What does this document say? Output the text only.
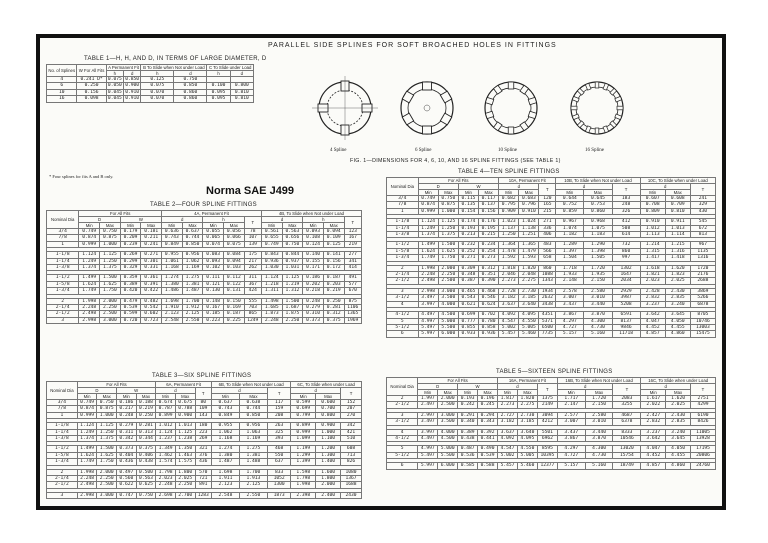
PARALLEL SIDE SPLINES FOR SOFT BROACHED HOLES IN FITTINGS
TABLE 1—H, H, AND D, IN TERMS OF LARGE DIAMETER, D
No. of Splines	W For All Fits	A Permanent Fit		B To Slide when Not under Load		C To Slide under Load	
		h	d	h	d	h	d
4	0.241 D*	0.075	0.850	0.125	0.750		
6	0.250	0.050	0.900	0.075	0.850	0.100	0.800
10	0.156	0.045	0.910	0.070	0.860	0.095	0.810
16	0.098	0.045	0.910	0.070	0.860	0.095	0.810
* Four splines for fits A and B only.
Norma SAE J499
4 Spline	6 Spline	10 Spline	16 Spline
FIG. 1—DIMENSIONS FOR 4, 6, 10, AND 16 SPLINE FITTINGS (SEE TABLE 1)
TABLE 2—FOUR SPLINE FITTINGS
Nominal Dia	For All Fits				4A, Permanent Fit					4B, To Slide when Not under Load				
	D		W		d		h		T	d		h		T
	Min	Max	Min	Max	Min	Max	Min	Max		Min	Max	Min	Max	
3/4	0.749	0.750	0.179	0.181	0.636	0.637	0.055	0.056	78	0.561	0.563	0.093	0.094	123
7/8	0.874	0.875	0.209	0.211	0.743	0.744	0.065	0.066	107	0.655	0.656	0.108	0.109	167
1	0.999	1.000	0.239	0.241	0.849	0.850	0.074	0.075	139	0.749	0.750	0.124	0.125	219

1-1/8	1.124	1.125	0.269	0.271	0.955	0.956	0.083	0.084	175	0.843	0.844	0.140	0.141	277
1-1/4	1.249	1.250	0.299	0.301	1.061	1.062	0.093	0.094	217	0.936	0.937	0.155	0.156	341
1-3/8	1.374	1.375	0.329	0.331	1.168	1.169	0.102	0.103	262	1.030	1.031	0.171	0.172	414

1-1/2	1.499	1.500	0.359	0.361	1.274	1.275	0.111	0.112	311	1.124	1.125	0.186	0.187	491
1-5/8	1.624	1.625	0.389	0.391	1.380	1.381	0.121	0.122	367	1.218	1.219	0.202	0.203	577
1-3/4	1.749	1.750	0.420	0.422	1.486	1.487	0.130	0.131	424	1.311	1.312	0.218	0.219	670

2	1.998	2.000	0.479	0.482	1.698	1.700	0.148	0.150	555	1.498	1.500	0.248	0.250	875
2-1/4	2.248	2.250	0.539	0.542	1.910	1.912	0.167	0.169	703	1.685	1.687	0.279	0.281	1106
2-1/2	2.498	2.500	0.599	0.602	2.123	2.125	0.185	0.187	865	1.873	1.875	0.310	0.312	1365
3	2.998	3.000	0.720	0.723	2.548	2.550	0.223	0.225	1249	2.248	2.250	0.373	0.375	1969
TABLE 3—SIX SPLINE FITTINGS
Nominal Dia	For All Fits				6A, Permanent Fit			6B, To Slide when Not under Load			6C, To Slide when under Load		
	D		W		d		T	d		T	d		T
	Min	Max	Min	Max	Min	Max		Min	Max		Min	Max	
3/4	0.749	0.750	0.186	0.188	0.674	0.675	80	0.637	0.638	117	0.599	0.600	152
7/8	0.874	0.875	0.217	0.219	0.787	0.788	109	0.743	0.744	159	0.699	0.700	207
1	0.999	1.000	0.248	0.250	0.899	0.900	143	0.849	0.850	208	0.799	0.800	270

1-1/8	1.124	1.125	0.279	0.281	1.012	1.013	180	0.955	0.956	263	0.899	0.900	342
1-1/4	1.249	1.250	0.311	0.313	1.124	1.125	223	1.062	1.063	325	0.999	1.000	421
1-3/8	1.374	1.375	0.342	0.344	1.237	1.238	269	1.168	1.169	393	1.099	1.100	510

1-1/2	1.499	1.500	0.373	0.375	1.349	1.350	321	1.274	1.275	468	1.199	1.200	608
1-5/8	1.624	1.625	0.404	0.406	1.462	1.463	376	1.380	1.381	550	1.299	1.300	713
1-3/4	1.749	1.750	0.436	0.438	1.574	1.575	436	1.487	1.488	637	1.399	1.400	826

2	1.998	2.000	0.497	0.500	1.798	1.800	570	1.698	1.700	833	1.598	1.600	1080
2-1/4	2.248	2.250	0.560	0.563	2.023	2.025	721	1.911	1.913	1052	1.798	1.800	1367
2-1/2	2.498	2.500	0.622	0.625	2.248	2.250	891	2.123	2.125	1300	1.998	2.000	1688

3	2.998	3.000	0.747	0.750	2.698	2.700	1283	2.548	2.550	1873	2.398	2.400	2430
TABLE 4—TEN SPLINE FITTINGS
Nominal Dia	For All Fits				10A, Permanent Fit			10B, To Slide when Not under Load			10C, To Slide when under Load		
	D		W		d		T	d		T	d		T
	Min	Max	Min	Max	Min	Max		Min	Max		Min	Max	
3/4	0.749	0.750	0.115	0.117	0.682	0.683	120	0.644	0.645	183	0.607	0.608	241
7/8	0.874	0.875	0.135	0.137	0.795	0.796	165	0.752	0.753	248	0.708	0.709	329
1	0.999	1.000	0.154	0.156	0.909	0.910	215	0.859	0.860	326	0.809	0.810	430

1-1/8	1.124	1.125	0.174	0.176	1.023	1.024	271	0.967	0.968	412	0.910	0.911	545
1-1/4	1.249	1.250	0.193	0.195	1.137	1.138	336	1.074	1.075	508	1.012	1.013	672
1-3/8	1.374	1.375	0.213	0.215	1.250	1.251	406	1.182	1.183	614	1.113	1.114	813

1-1/2	1.499	1.500	0.232	0.234	1.364	1.365	483	1.289	1.290	732	1.214	1.215	967
1-5/8	1.624	1.625	0.252	0.254	1.478	1.479	566	1.397	1.398	860	1.315	1.316	1135
1-3/4	1.749	1.750	0.271	0.273	1.592	1.593	658	1.504	1.505	997	1.417	1.418	1316

2	1.998	2.000	0.309	0.312	1.818	1.820	860	1.718	1.720	1302	1.618	1.620	1720
2-1/4	2.248	2.250	0.348	0.351	2.046	2.048	1088	1.933	1.935	1647	1.821	1.823	2176
2-1/2	2.498	2.500	0.387	0.390	2.273	2.275	1343	2.148	2.150	2034	2.023	2.025	2688

3	2.998	3.000	0.465	0.468	2.728	2.730	1934	2.578	2.580	2929	2.428	2.430	3869
3-1/2	3.497	3.500	0.543	0.546	3.182	3.185	2632	3.007	3.010	3987	2.832	2.835	5266
4	3.997	4.000	0.621	0.624	3.637	3.640	3438	3.437	3.440	5208	3.237	3.240	6878

4-1/2	4.497	4.500	0.699	0.702	4.092	4.095	4351	3.867	3.870	6591	3.642	3.645	8705
5	4.997	5.000	0.777	0.780	4.547	4.550	5371	4.297	4.300	8137	4.047	4.050	10746
5-1/2	5.497	5.500	0.855	0.858	5.002	5.005	6500	4.727	4.730	9846	4.452	4.455	13003
6	5.997	6.000	0.933	0.936	5.457	5.460	7735	5.157	5.160	11718	4.857	4.860	15475
TABLE 5—SIXTEEN SPLINE FITTINGS
Nominal Dia	For All Fits				16A, Permanent Fit			16B, To Slide when Not under Load			16C, To Slide when under Load		
	D		W		d		T	d		T	d		T
	Min	Max	Min	Max	Min	Max		Min	Max		Min	Max	
2	1.997	2.000	0.193	0.196	1.817	1.820	1375	1.717	1.720	2083	1.617	1.620	2751
2-1/2	2.497	2.500	0.242	0.245	2.273	2.275	2149	2.147	2.150	3255	2.022	2.025	4299

3	2.997	3.000	0.291	0.294	2.727	2.730	3094	2.577	2.580	4687	2.427	2.430	6190
3-1/2	3.497	3.500	0.340	0.343	3.182	3.185	4212	3.007	3.010	6378	2.832	2.835	8426

4	3.997	4.000	0.389	0.392	3.637	3.640	5501	3.437	3.440	8333	3.237	3.240	11005
4-1/2	4.497	4.500	0.438	0.441	4.092	4.095	6962	3.867	3.870	10546	3.642	3.645	13928

5	4.997	5.000	0.487	0.490	4.547	4.550	8595	4.297	4.300	13020	4.047	4.050	17195
5-1/2	5.497	5.500	0.536	0.539	5.002	5.005	10395	4.727	4.730	15754	4.452	4.455	20806

6	5.997	6.000	0.585	0.588	5.457	5.460	12377	5.157	5.160	18749	4.857	4.860	24760
